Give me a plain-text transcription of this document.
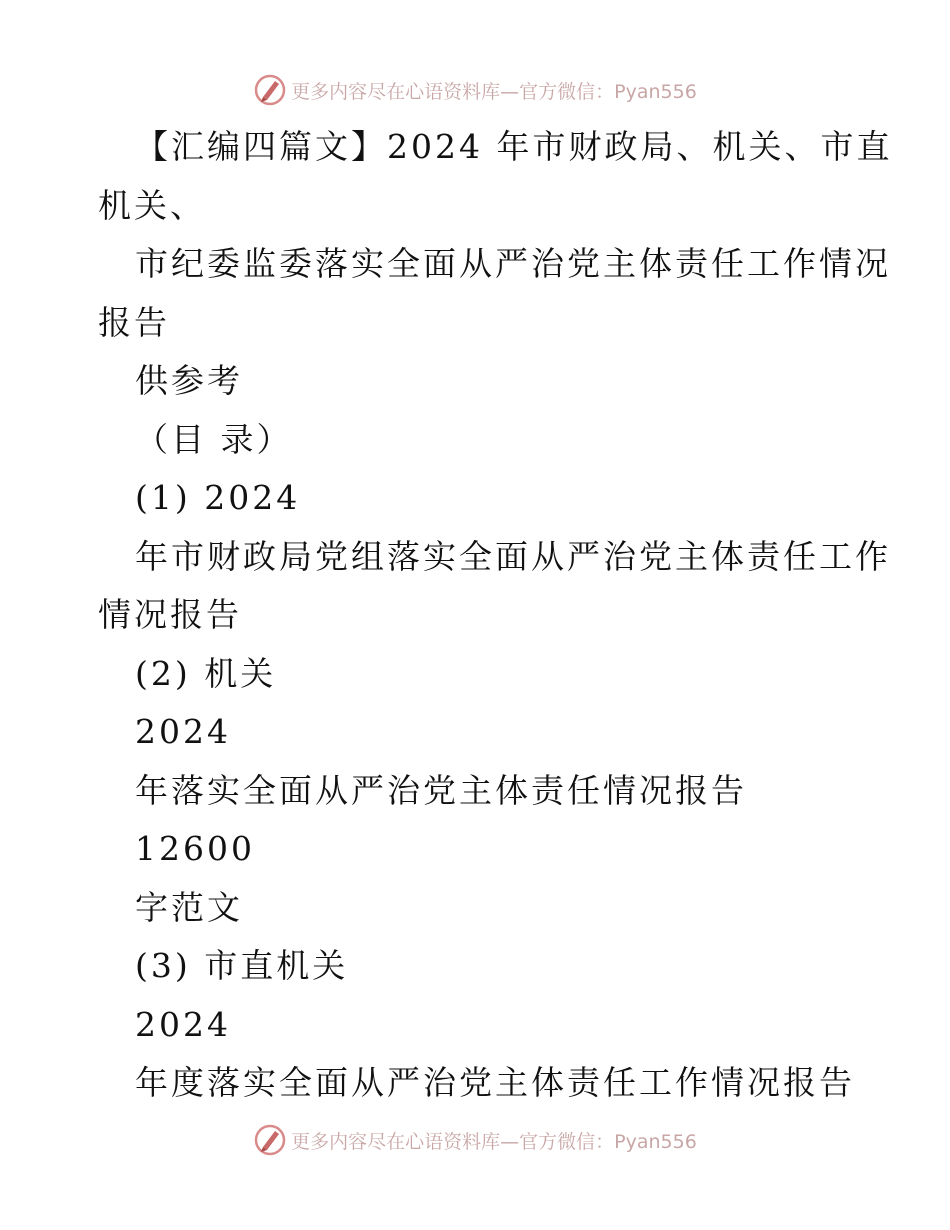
更多内容尽在心语资料库—官方微信：Pyan556
【汇编四篇文】2024 年市财政局、机关、市直
机关、
市纪委监委落实全面从严治党主体责任工作情况
报告
供参考
（目 录）
(1) 2024
年市财政局党组落实全面从严治党主体责任工作
情况报告
(2) 机关
2024
年落实全面从严治党主体责任情况报告
12600
字范文
(3) 市直机关
2024
年度落实全面从严治党主体责任工作情况报告
更多内容尽在心语资料库—官方微信：Pyan556
